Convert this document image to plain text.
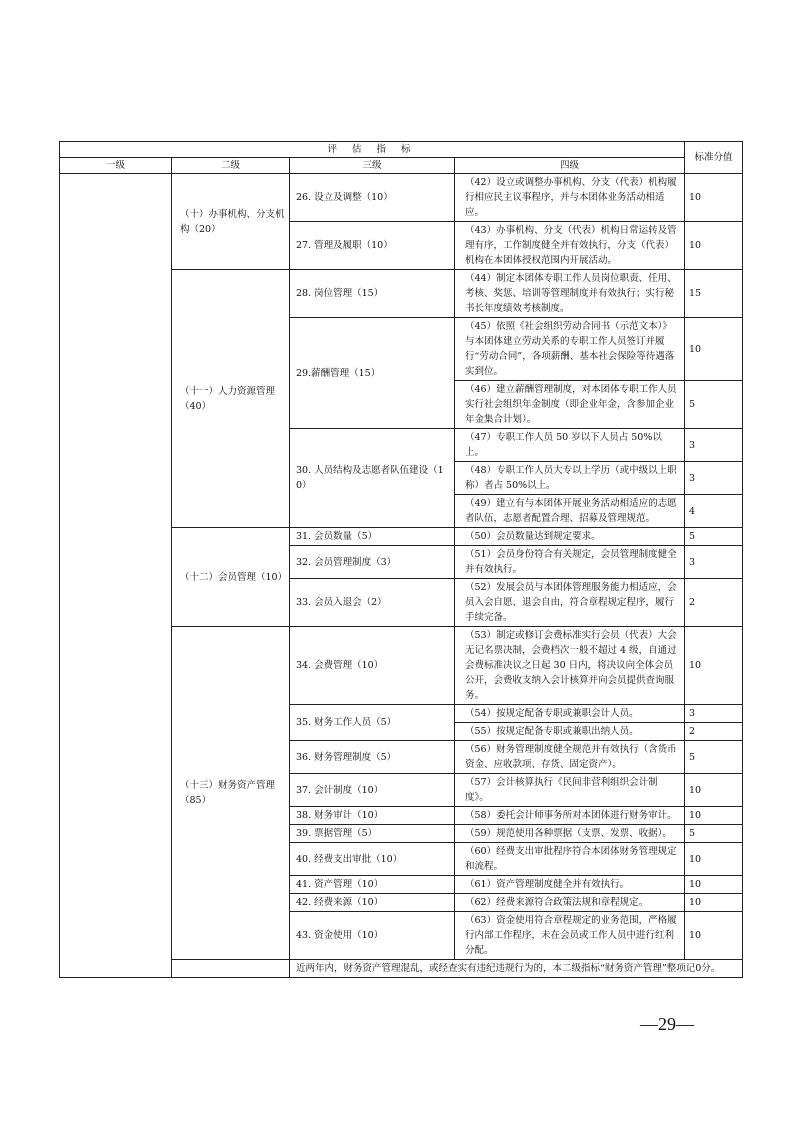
评 估 指 标				标准分值
一级	二级	三级	四级	
	（十）办事机构、分支机构（20）	26. 设立及调整（10）	（42）设立或调整办事机构、分支（代表）机构履行相应民主议事程序，并与本团体业务活动相适应。	10
		27. 管理及履职（10）	（43）办事机构、分支（代表）机构日常运转及管理有序，工作制度健全并有效执行，分支（代表）机构在本团体授权范围内开展活动。	10
	（十一）人力资源管理（40）	28. 岗位管理（15）	（44）制定本团体专职工作人员岗位职责、任用、考核、奖惩、培训等管理制度并有效执行；实行秘书长年度绩效考核制度。	15
		29.薪酬管理（15）	（45）依照《社会组织劳动合同书（示范文本）》与本团体建立劳动关系的专职工作人员签订并履行“劳动合同”，各项薪酬、基本社会保险等待遇落实到位。	10
			（46）建立薪酬管理制度，对本团体专职工作人员实行社会组织年金制度（即企业年金，含参加企业年金集合计划）。	5
		30. 人员结构及志愿者队伍建设（10）	（47）专职工作人员 50 岁以下人员占 50%以上。	3
			（48）专职工作人员大专以上学历（或中级以上职称）者占 50%以上。	3
			（49）建立有与本团体开展业务活动相适应的志愿者队伍，志愿者配置合理、招募及管理规范。	4
	（十二）会员管理（10）	31. 会员数量（5）	（50）会员数量达到规定要求。	5
		32. 会员管理制度（3）	（51）会员身份符合有关规定，会员管理制度健全并有效执行。	3
		33. 会员入退会（2）	（52）发展会员与本团体管理服务能力相适应，会员入会自愿、退会自由，符合章程规定程序，履行手续完备。	2
	（十三）财务资产管理（85）	34. 会费管理（10）	（53）制定或修订会费标准实行会员（代表）大会无记名票决制，会费档次一般不超过 4 级，自通过会费标准决议之日起 30 日内，将决议向全体会员公开，会费收支纳入会计核算并向会员提供查询服务。	10
		35. 财务工作人员（5）	（54）按规定配备专职或兼职会计人员。	3
			（55）按规定配备专职或兼职出纳人员。	2
		36. 财务管理制度（5）	（56）财务管理制度健全规范并有效执行（含货币资金、应收款项、存货、固定资产）。	5
		37. 会计制度（10）	（57）会计核算执行《民间非营利组织会计制度》。	10
		38. 财务审计（10）	（58）委托会计师事务所对本团体进行财务审计。	10
		39. 票据管理（5）	（59）规范使用各种票据（支票、发票、收据）。	5
		40. 经费支出审批（10）	（60）经费支出审批程序符合本团体财务管理规定和流程。	10
		41. 资产管理（10）	（61）资产管理制度健全并有效执行。	10
		42. 经费来源（10）	（62）经费来源符合政策法规和章程规定。	10
		43. 资金使用（10）	（63）资金使用符合章程规定的业务范围，严格履行内部工作程序，未在会员或工作人员中进行红利分配。	10
		近两年内，财务资产管理混乱，或经查实有违纪违规行为的，本二级指标“财务资产管理”整项记0分。		
—29—
